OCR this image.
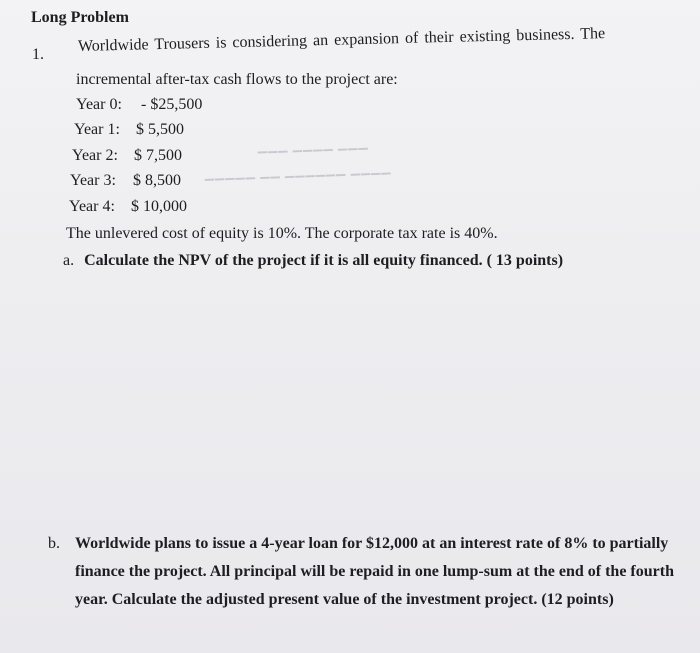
Long Problem
1. Worldwide Trousers is considering an expansion of their existing business. The
incremental after-tax cash flows to the project are:
Year 0: - $25,500
Year 1: $ 5,500
Year 2: $ 7,500
Year 3: $ 8,500
Year 4: $ 10,000
▔▔▔ ▔▔▔▔ ▔▔▔
▔▔▔▔▔ ▔▔ ▔▔▔▔▔▔ ▔▔▔▔
The unlevered cost of equity is 10%. The corporate tax rate is 40%.
a. Calculate the NPV of the project if it is all equity financed. ( 13 points)
b. Worldwide plans to issue a 4-year loan for $12,000 at an interest rate of 8% to partially
finance the project. All principal will be repaid in one lump-sum at the end of the fourth
year. Calculate the adjusted present value of the investment project. (12 points)
